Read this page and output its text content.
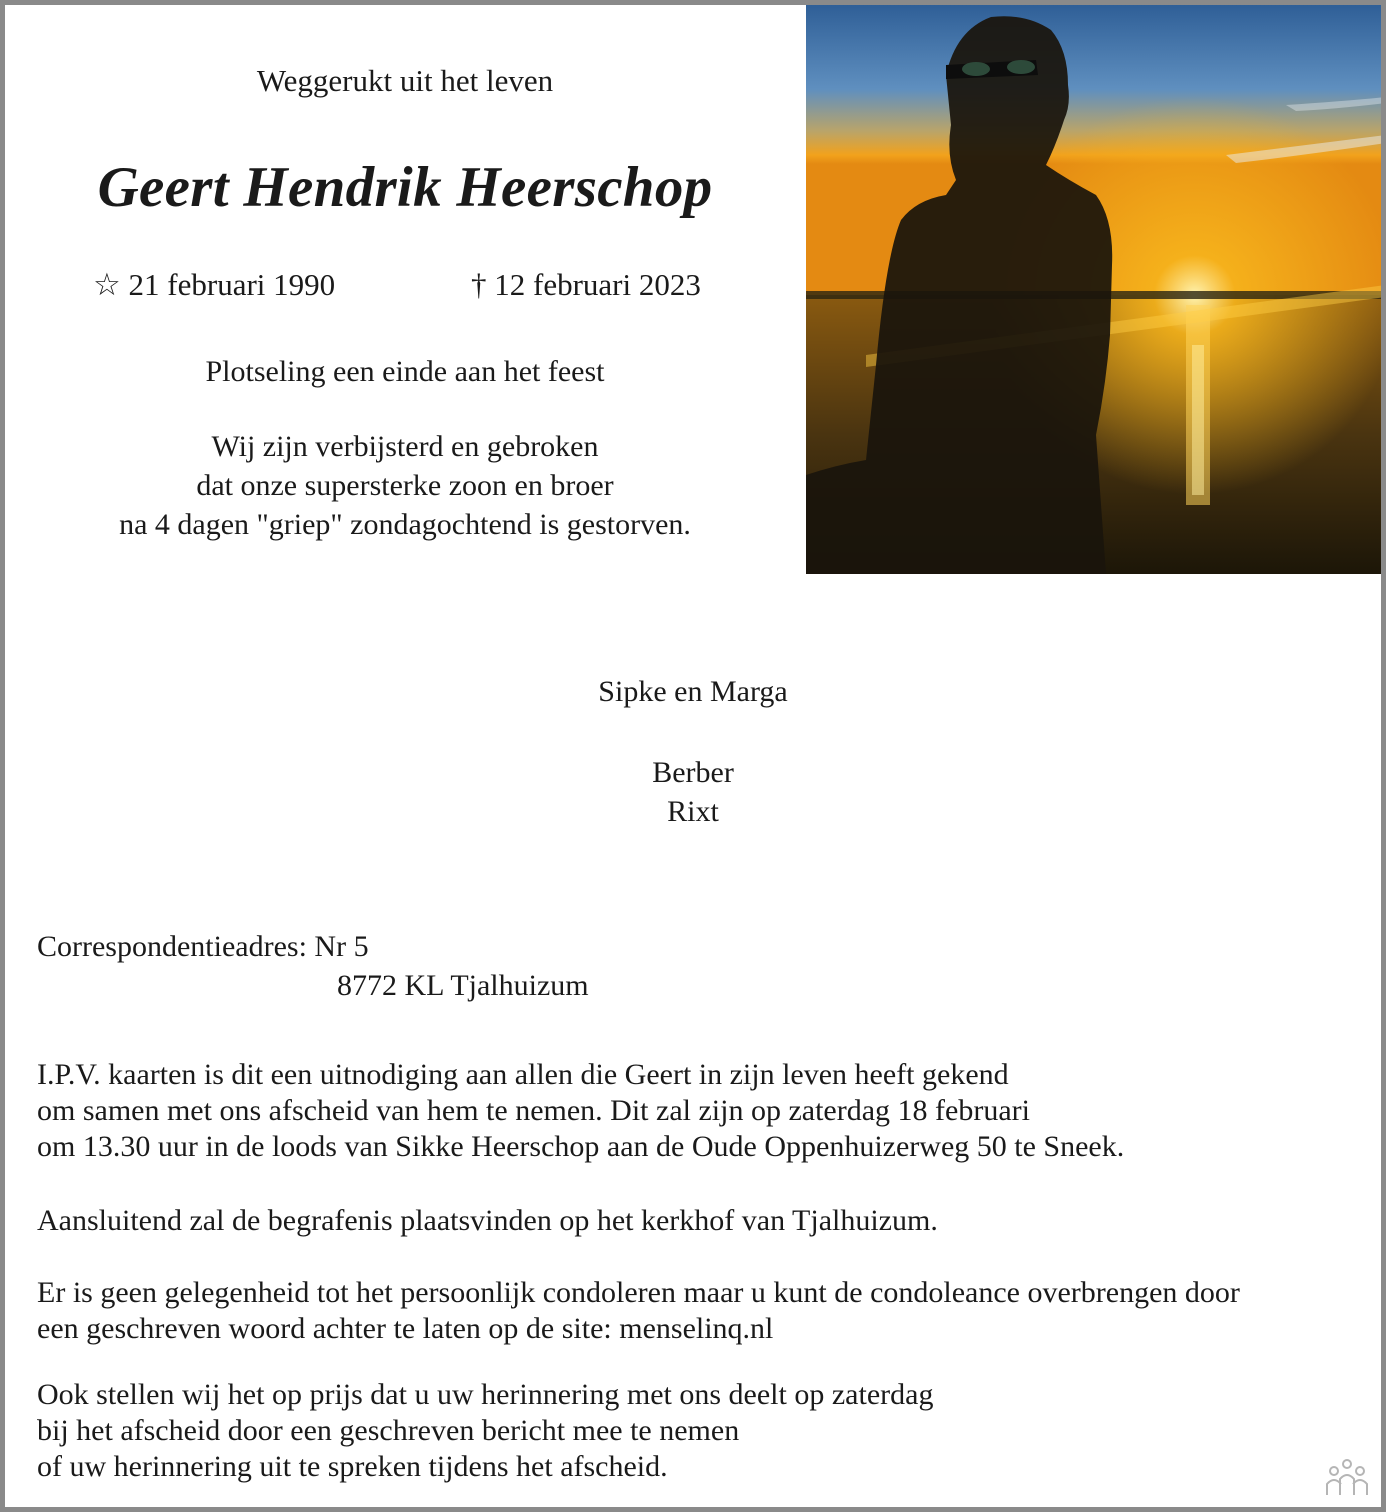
Weggerukt uit het leven
Geert Hendrik Heerschop
☆ 21 februari 1990	† 12 februari 2023
Plotseling een einde aan het feest
Wij zijn verbijsterd en gebroken
dat onze supersterke zoon en broer
na 4 dagen "griep" zondagochtend is gestorven.
Sipke en Marga
Berber
Rixt
Correspondentieadres: Nr 5
8772 KL Tjalhuizum
I.P.V. kaarten is dit een uitnodiging aan allen die Geert in zijn leven heeft gekend
om samen met ons afscheid van hem te nemen. Dit zal zijn op zaterdag 18 februari
om 13.30 uur in de loods van Sikke Heerschop aan de Oude Oppenhuizerweg 50 te Sneek.
Aansluitend zal de begrafenis plaatsvinden op het kerkhof van Tjalhuizum.
Er is geen gelegenheid tot het persoonlijk condoleren maar u kunt de condoleance overbrengen door
een geschreven woord achter te laten op de site: menselinq.nl
Ook stellen wij het op prijs dat u uw herinnering met ons deelt op zaterdag
bij het afscheid door een geschreven bericht mee te nemen
of uw herinnering uit te spreken tijdens het afscheid.
